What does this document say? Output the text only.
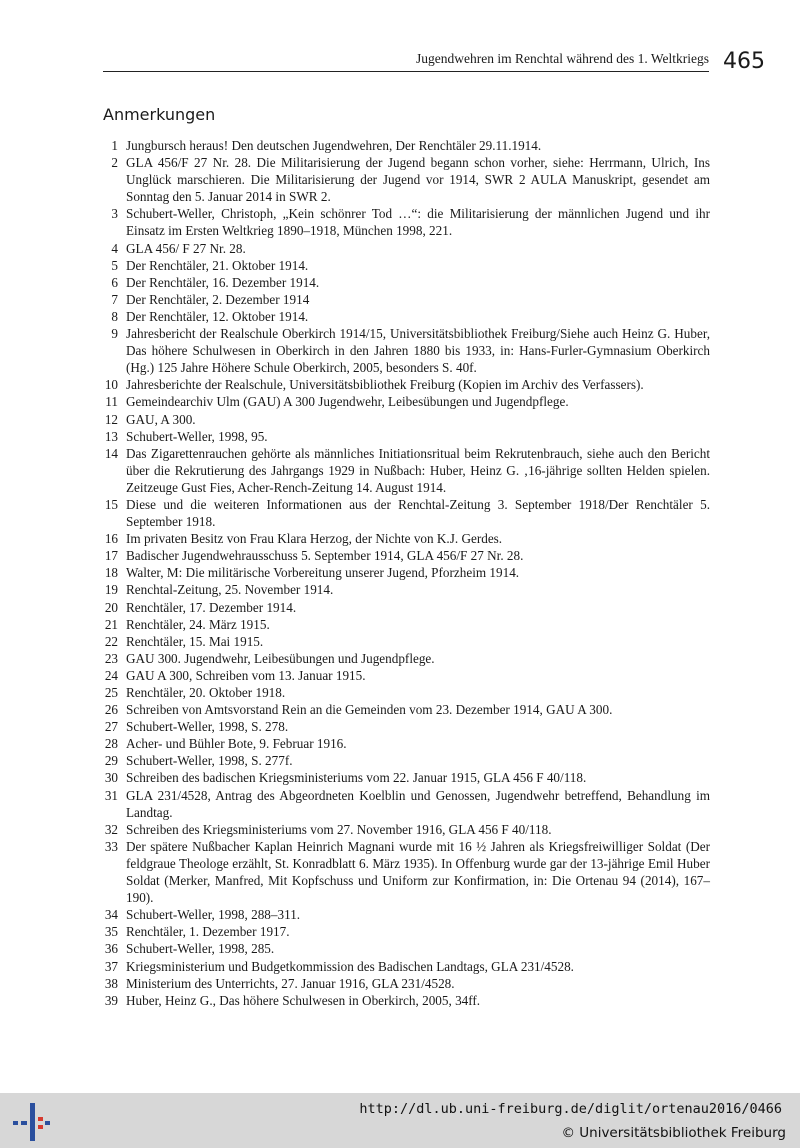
Jugendwehren im Renchtal während des 1. Weltkriegs 465
Anmerkungen
1 Jungbursch heraus! Den deutschen Jugendwehren, Der Renchtäler 29.11.1914.
2 GLA 456/F 27 Nr. 28. Die Militarisierung der Jugend begann schon vorher, siehe: Herrmann, Ulrich, Ins Unglück marschieren. Die Militarisierung der Jugend vor 1914, SWR 2 AULA Manuskript, gesendet am Sonntag den 5. Januar 2014 in SWR 2.
3 Schubert-Weller, Christoph, „Kein schönrer Tod …“: die Militarisierung der männlichen Jugend und ihr Einsatz im Ersten Weltkrieg 1890–1918, München 1998, 221.
4 GLA 456/ F 27 Nr. 28.
5 Der Renchtäler, 21. Oktober 1914.
6 Der Renchtäler, 16. Dezember 1914.
7 Der Renchtäler, 2. Dezember 1914
8 Der Renchtäler, 12. Oktober 1914.
9 Jahresbericht der Realschule Oberkirch 1914/15, Universitätsbibliothek Freiburg/Siehe auch Heinz G. Huber, Das höhere Schulwesen in Oberkirch in den Jahren 1880 bis 1933, in: Hans-Furler-Gymnasium Oberkirch (Hg.) 125 Jahre Höhere Schule Oberkirch, 2005, besonders S. 40f.
10 Jahresberichte der Realschule, Universitätsbibliothek Freiburg (Kopien im Archiv des Verfassers).
11 Gemeindearchiv Ulm (GAU) A 300 Jugendwehr, Leibesübungen und Jugendpflege.
12 GAU, A 300.
13 Schubert-Weller, 1998, 95.
14 Das Zigarettenrauchen gehörte als männliches Initiationsritual beim Rekrutenbrauch, siehe auch den Bericht über die Rekrutierung des Jahrgangs 1929 in Nußbach: Huber, Heinz G. ‚16-jährige sollten Helden spielen. Zeitzeuge Gust Fies, Acher-Rench-Zeitung 14. August 1914.
15 Diese und die weiteren Informationen aus der Renchtal-Zeitung 3. September 1918/Der Renchtäler 5. September 1918.
16 Im privaten Besitz von Frau Klara Herzog, der Nichte von K.J. Gerdes.
17 Badischer Jugendwehrausschuss 5. September 1914, GLA 456/F 27 Nr. 28.
18 Walter, M: Die militärische Vorbereitung unserer Jugend, Pforzheim 1914.
19 Renchtal-Zeitung, 25. November 1914.
20 Renchtäler, 17. Dezember 1914.
21 Renchtäler, 24. März 1915.
22 Renchtäler, 15. Mai 1915.
23 GAU 300. Jugendwehr, Leibesübungen und Jugendpflege.
24 GAU A 300, Schreiben vom 13. Januar 1915.
25 Renchtäler, 20. Oktober 1918.
26 Schreiben von Amtsvorstand Rein an die Gemeinden vom 23. Dezember 1914, GAU A 300.
27 Schubert-Weller, 1998, S. 278.
28 Acher- und Bühler Bote, 9. Februar 1916.
29 Schubert-Weller, 1998, S. 277f.
30 Schreiben des badischen Kriegsministeriums vom 22. Januar 1915, GLA 456 F 40/118.
31 GLA 231/4528, Antrag des Abgeordneten Koelblin und Genossen, Jugendwehr betreffend, Behandlung im Landtag.
32 Schreiben des Kriegsministeriums vom 27. November 1916, GLA 456 F 40/118.
33 Der spätere Nußbacher Kaplan Heinrich Magnani wurde mit 16 ½ Jahren als Kriegsfreiwilliger Soldat (Der feldgraue Theologe erzählt, St. Konradblatt 6. März 1935). In Offenburg wurde gar der 13-jährige Emil Huber Soldat (Merker, Manfred, Mit Kopfschuss und Uniform zur Konfirmation, in: Die Ortenau 94 (2014), 167–190).
34 Schubert-Weller, 1998, 288–311.
35 Renchtäler, 1. Dezember 1917.
36 Schubert-Weller, 1998, 285.
37 Kriegsministerium und Budgetkommission des Badischen Landtags, GLA 231/4528.
38 Ministerium des Unterrichts, 27. Januar 1916, GLA 231/4528.
39 Huber, Heinz G., Das höhere Schulwesen in Oberkirch, 2005, 34ff.
http://dl.ub.uni-freiburg.de/diglit/ortenau2016/0466
© Universitätsbibliothek Freiburg
